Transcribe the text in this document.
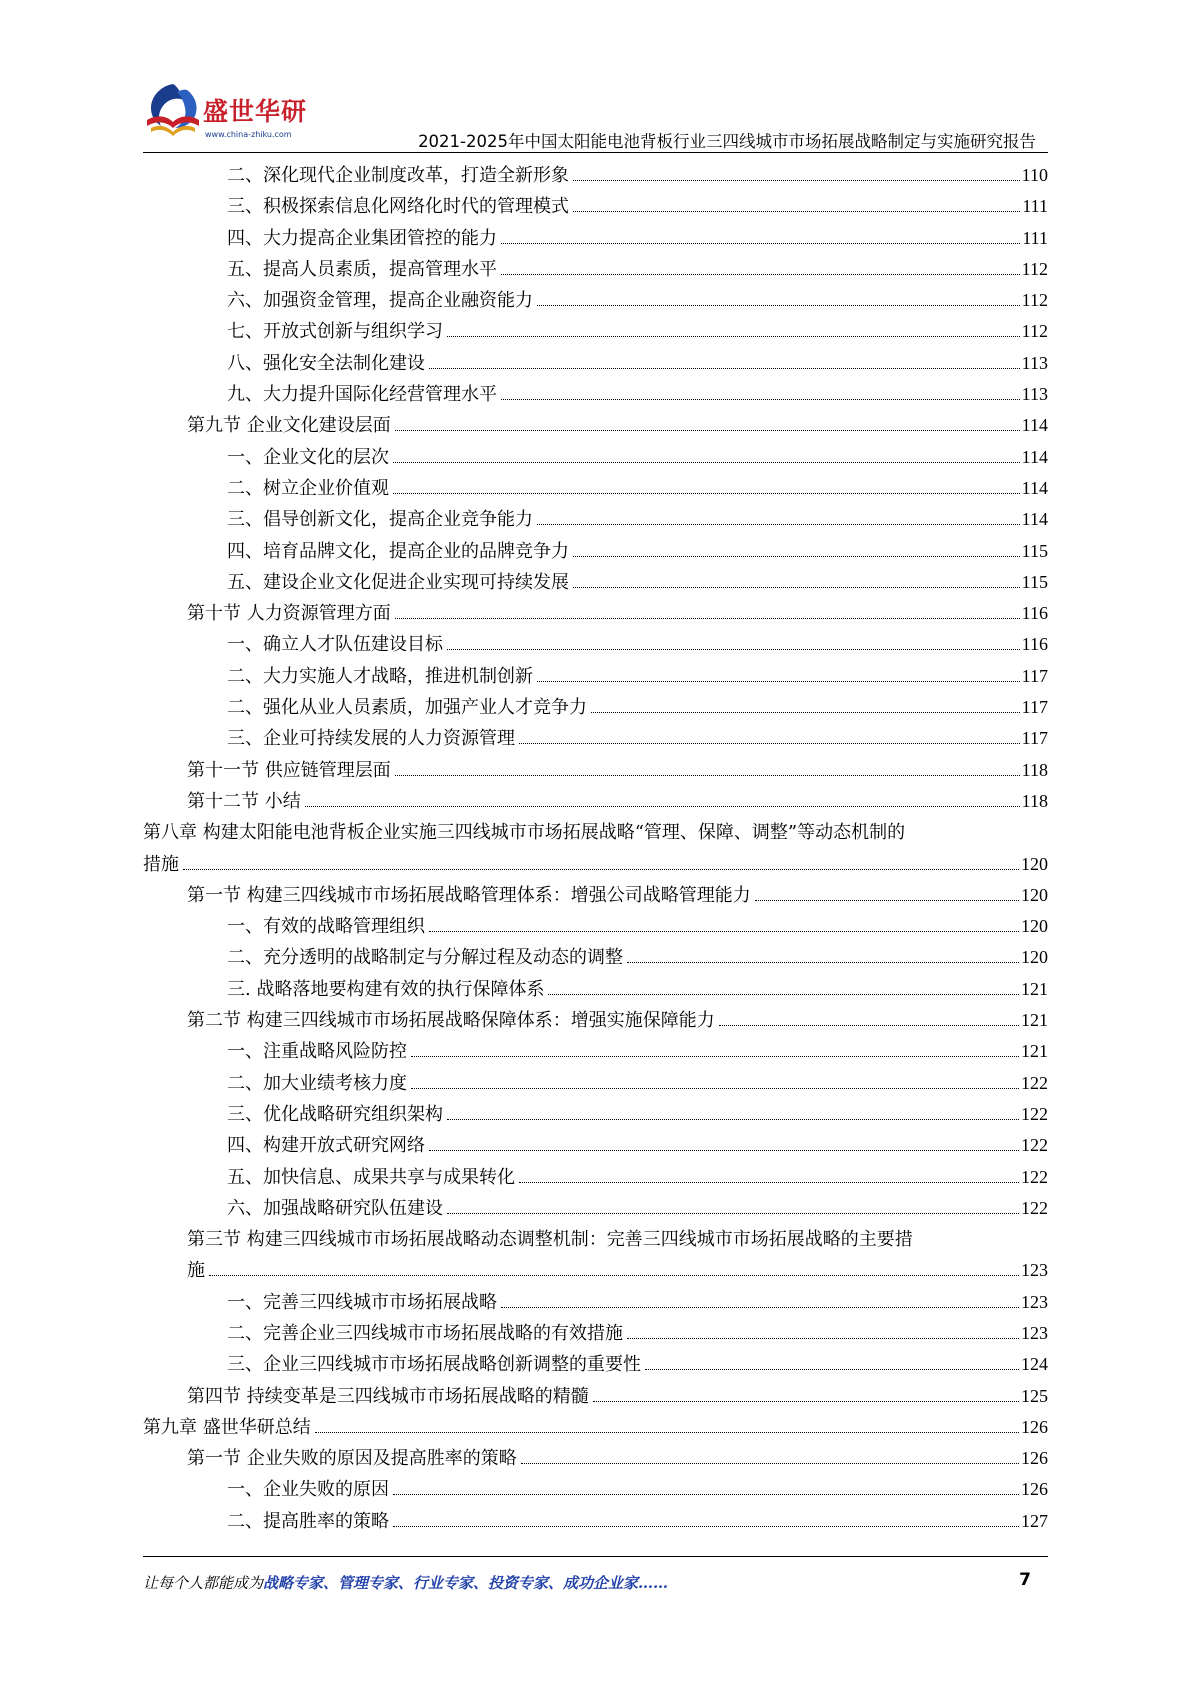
盛世华研
www.china-zhiku.com	2021-2025年中国太阳能电池背板行业三四线城市市场拓展战略制定与实施研究报告
二、深化现代企业制度改革，打造全新形象	110
三、积极探索信息化网络化时代的管理模式	111
四、大力提高企业集团管控的能力	111
五、提高人员素质，提高管理水平	112
六、加强资金管理，提高企业融资能力	112
七、开放式创新与组织学习	112
八、强化安全法制化建设	113
九、大力提升国际化经营管理水平	113
第九节 企业文化建设层面	114
一、企业文化的层次	114
二、树立企业价值观	114
三、倡导创新文化，提高企业竞争能力	114
四、培育品牌文化，提高企业的品牌竞争力	115
五、建设企业文化促进企业实现可持续发展	115
第十节 人力资源管理方面	116
一、确立人才队伍建设目标	116
二、大力实施人才战略，推进机制创新	117
二、强化从业人员素质，加强产业人才竞争力	117
三、企业可持续发展的人力资源管理	117
第十一节 供应链管理层面	118
第十二节 小结	118
第八章 构建太阳能电池背板企业实施三四线城市市场拓展战略“管理、保障、调整”等动态机制的
措施	120
第一节 构建三四线城市市场拓展战略管理体系：增强公司战略管理能力	120
一、有效的战略管理组织	120
二、充分透明的战略制定与分解过程及动态的调整	120
三. 战略落地要构建有效的执行保障体系	121
第二节 构建三四线城市市场拓展战略保障体系：增强实施保障能力	121
一、注重战略风险防控	121
二、加大业绩考核力度	122
三、优化战略研究组织架构	122
四、构建开放式研究网络	122
五、加快信息、成果共享与成果转化	122
六、加强战略研究队伍建设	122
第三节 构建三四线城市市场拓展战略动态调整机制：完善三四线城市市场拓展战略的主要措
施	123
一、完善三四线城市市场拓展战略	123
二、完善企业三四线城市市场拓展战略的有效措施	123
三、企业三四线城市市场拓展战略创新调整的重要性	124
第四节 持续变革是三四线城市市场拓展战略的精髓	125
第九章 盛世华研总结	126
第一节 企业失败的原因及提高胜率的策略	126
一、企业失败的原因	126
二、提高胜率的策略	127
让每个人都能成为战略专家、管理专家、行业专家、投资专家、成功企业家……	7
